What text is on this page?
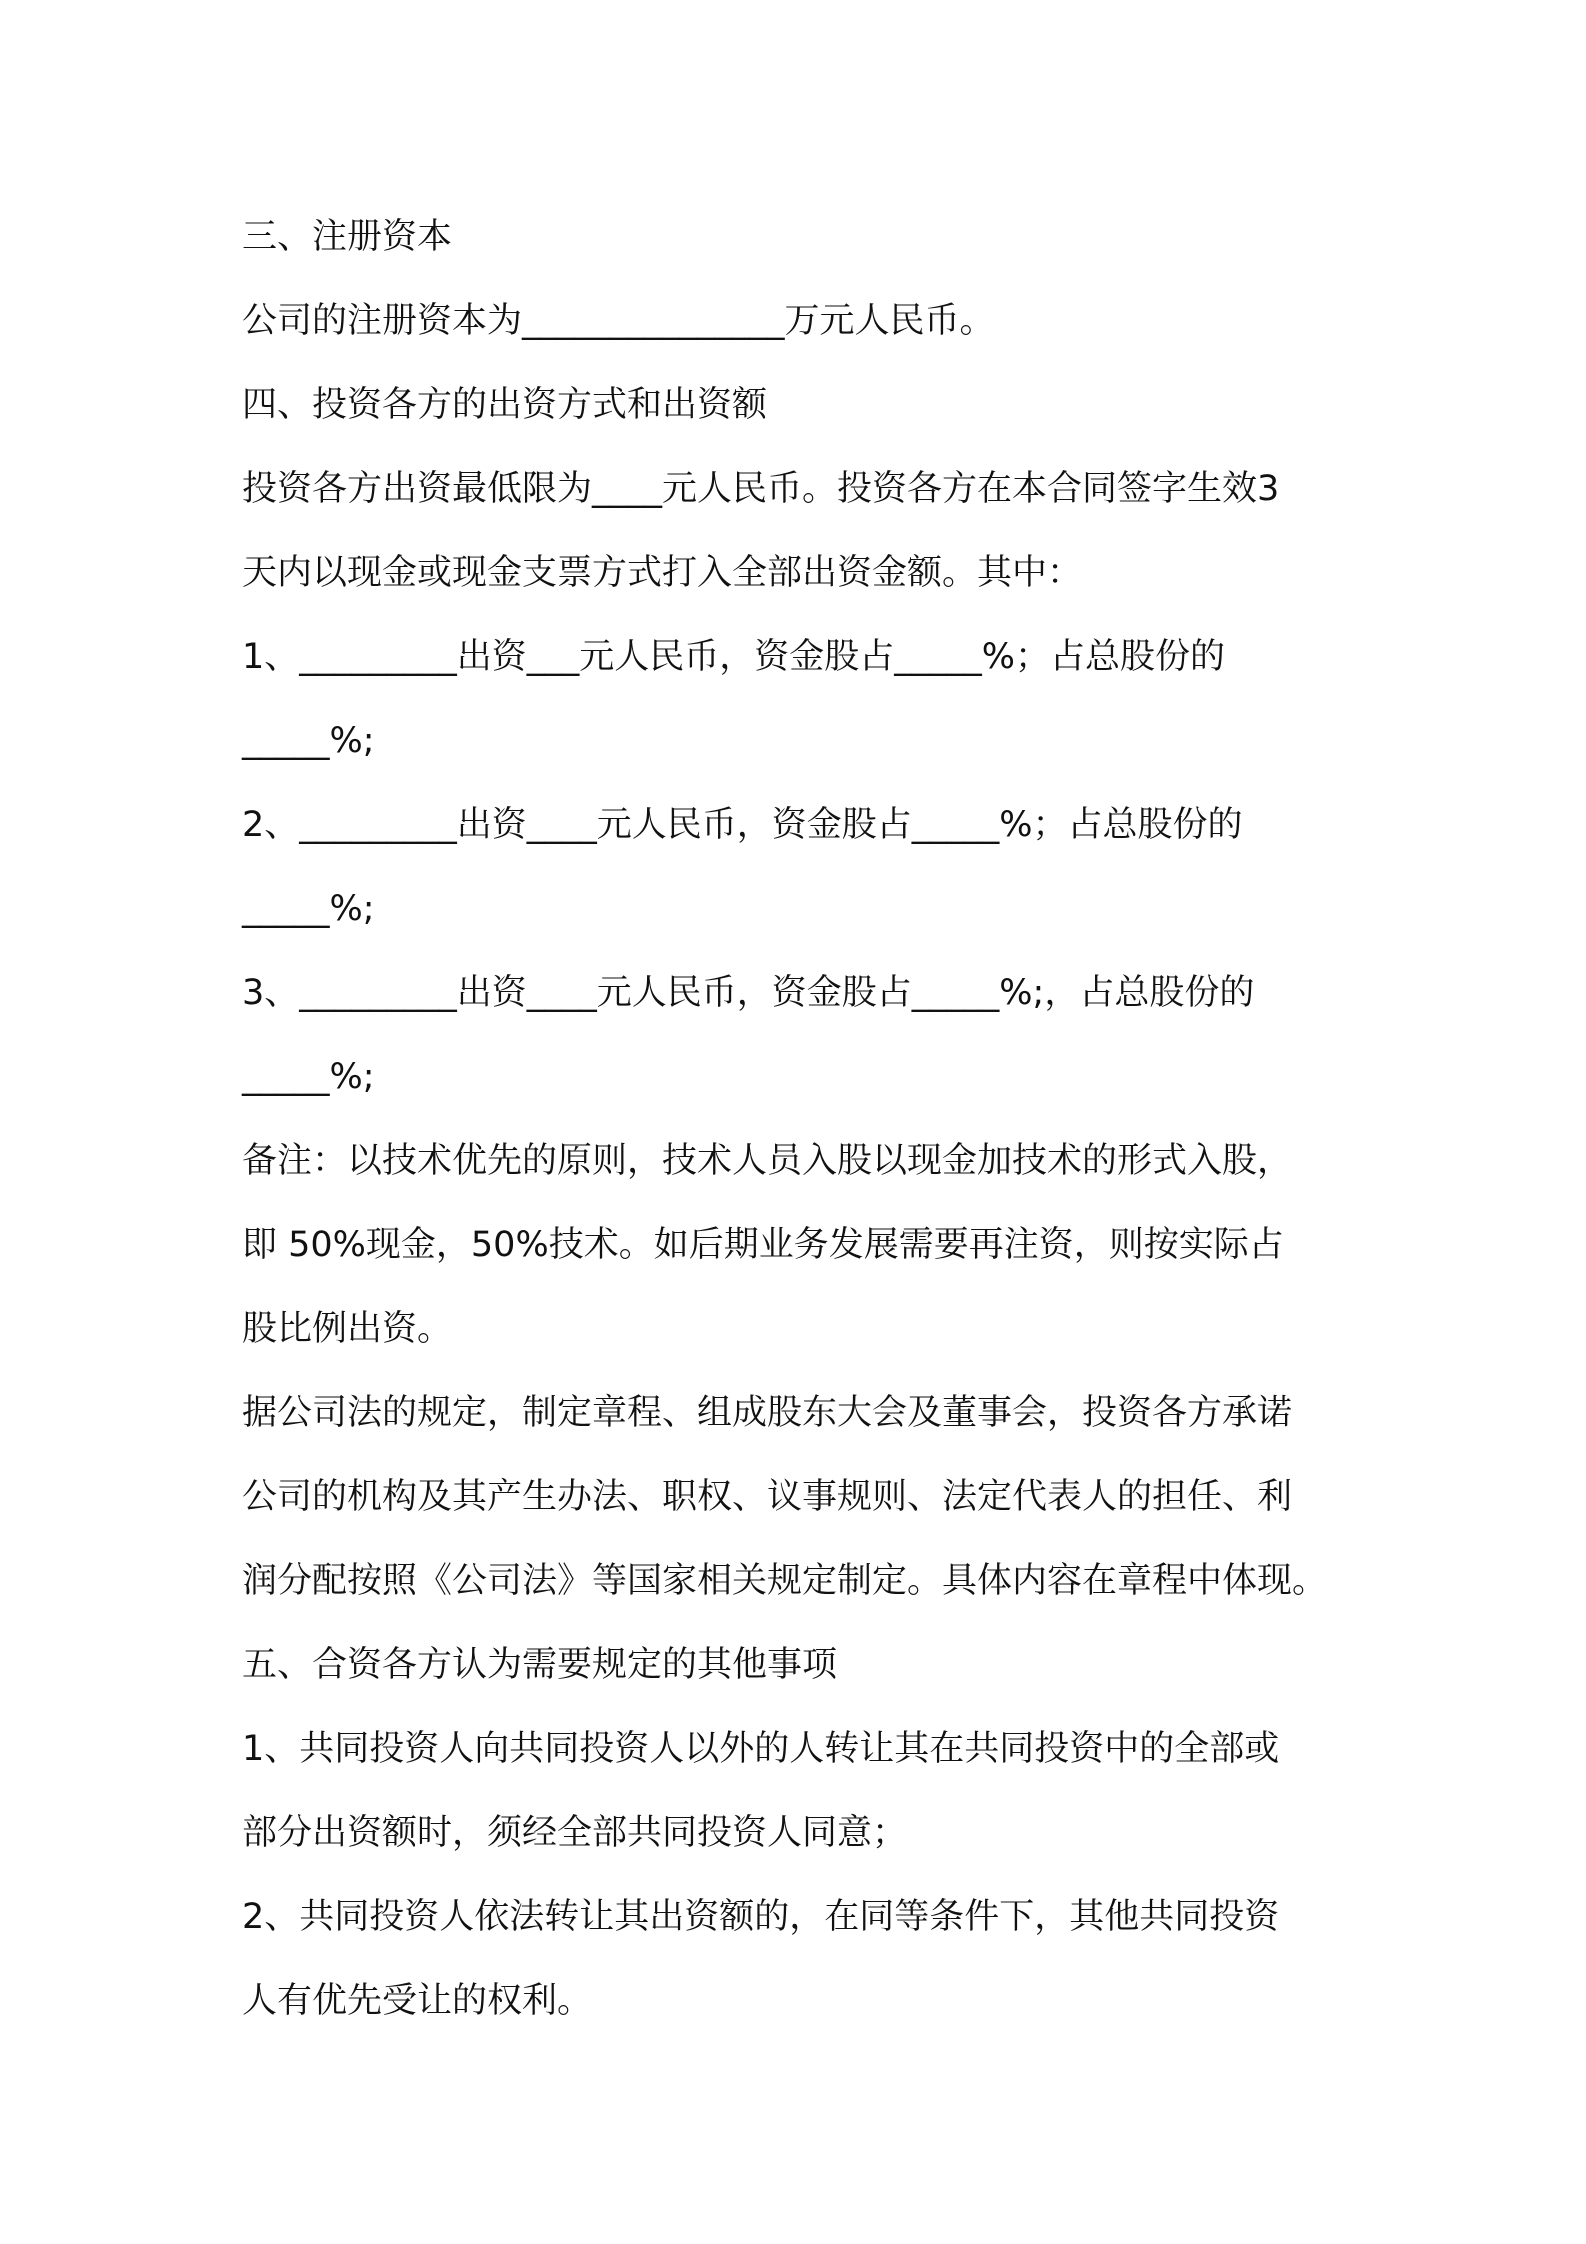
三、注册资本
公司的注册资本为_______________万元人民币。
四、投资各方的出资方式和出资额
投资各方出资最低限为____元人民币。投资各方在本合同签字生效3
天内以现金或现金支票方式打入全部出资金额。其中：
1、_________出资___元人民币，资金股占_____%；占总股份的
_____%;
2、_________出资____元人民币，资金股占_____%；占总股份的
_____%;
3、_________出资____元人民币，资金股占_____%;，占总股份的
_____%;
备注：以技术优先的原则，技术人员入股以现金加技术的形式入股，
即 50%现金，50%技术。如后期业务发展需要再注资，则按实际占
股比例出资。
据公司法的规定，制定章程、组成股东大会及董事会，投资各方承诺
公司的机构及其产生办法、职权、议事规则、法定代表人的担任、利
润分配按照《公司法》等国家相关规定制定。具体内容在章程中体现。
五、合资各方认为需要规定的其他事项
1、共同投资人向共同投资人以外的人转让其在共同投资中的全部或
部分出资额时，须经全部共同投资人同意；
2、共同投资人依法转让其出资额的，在同等条件下，其他共同投资
人有优先受让的权利。
